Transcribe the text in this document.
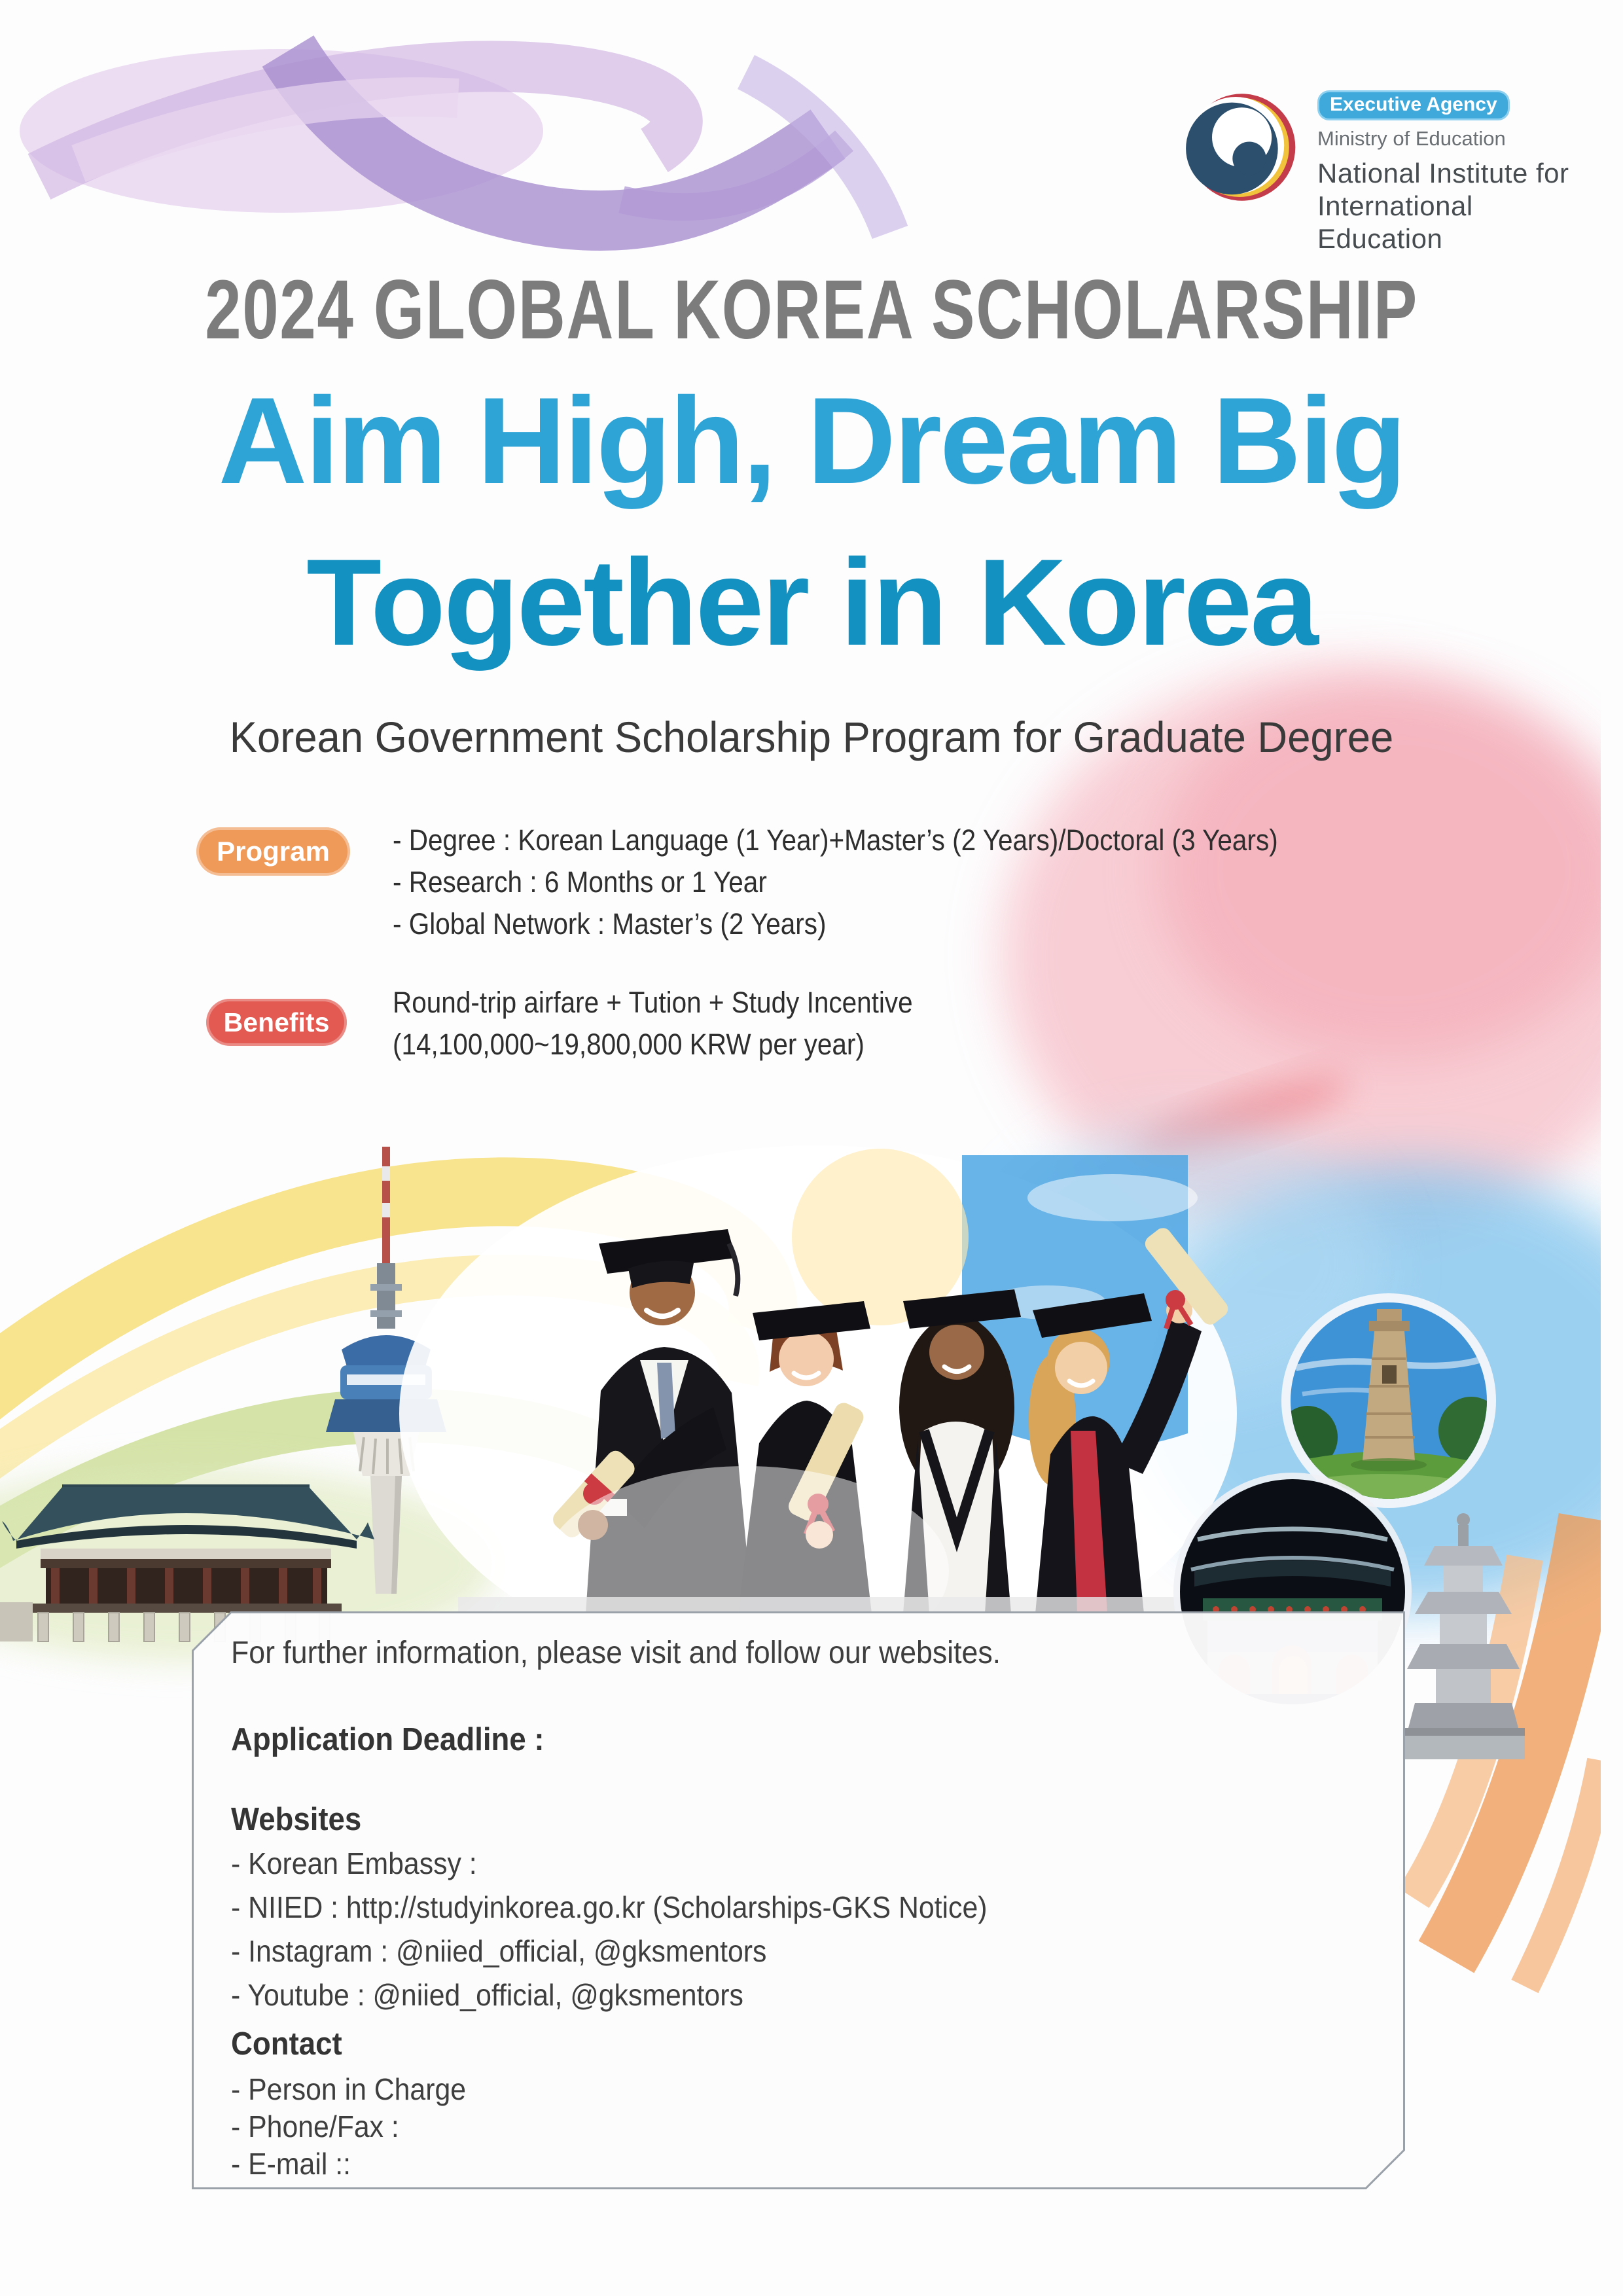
Executive Agency
Ministry of Education
National Institute for
International Education
2024 GLOBAL KOREA SCHOLARSHIP
Aim High, Dream Big
Together in Korea
Korean Government Scholarship Program for Graduate Degree
Program	- Degree : Korean Language (1 Year)+Master’s (2 Years)/Doctoral (3 Years)
- Research : 6 Months or 1 Year
- Global Network : Master’s (2 Years)
Benefits
Round-trip airfare + Tution + Study Incentive
(14,100,000~19,800,000 KRW per year)
For further information, please visit and follow our websites.
Application Deadline :
Websites
- Korean Embassy :
- NIIED : http://studyinkorea.go.kr (Scholarships-GKS Notice)
- Instagram : @niied_official, @gksmentors
- Youtube : @niied_official, @gksmentors
Contact
- Person in Charge
- Phone/Fax :
- E-mail ::
